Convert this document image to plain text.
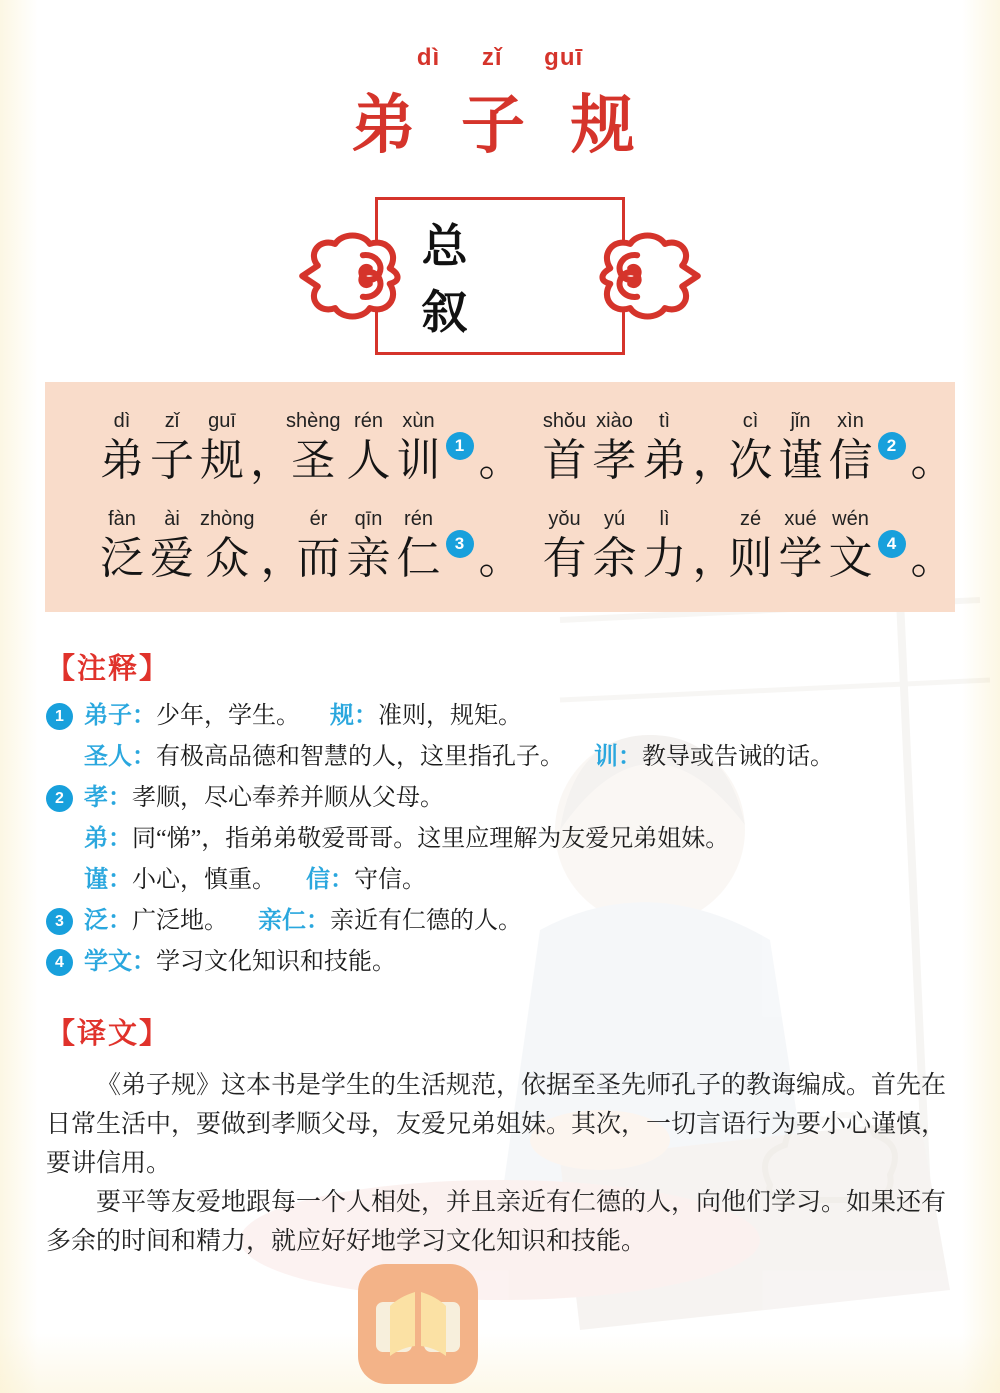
dì zǐ guī
弟 子 规
总 叙
dì
弟
zǐ
子
guī
规 ，
shèng
圣
rén
人
xùn
训 1 。
shǒu
首
xiào
孝
tì
弟 ，
cì
次
jǐn
谨
xìn
信 2 。
fàn
泛
ài
爱
zhòng
众 ，
ér
而
qīn
亲
rén
仁 3 。
yǒu
有
yú
余
lì
力 ，
zé
则
xué
学
wén
文 4 。
【注释】
1 弟子：少年，学生。 规：准则，规矩。
圣人：有极高品德和智慧的人，这里指孔子。 训：教导或告诫的话。
2 孝：孝顺，尽心奉养并顺从父母。
弟：同“悌”，指弟弟敬爱哥哥。这里应理解为友爱兄弟姐妹。
谨：小心，慎重。 信：守信。
3 泛：广泛地。 亲仁：亲近有仁德的人。
4 学文：学习文化知识和技能。
【译文】

《弟子规》这本书是学生的生活规范，依据至圣先师孔子的教诲编成。首先在日常生活中，要做到孝顺父母，友爱兄弟姐妹。其次，一切言语行为要小心谨慎，要讲信用。

要平等友爱地跟每一个人相处，并且亲近有仁德的人，向他们学习。如果还有多余的时间和精力，就应好好地学习文化知识和技能。
